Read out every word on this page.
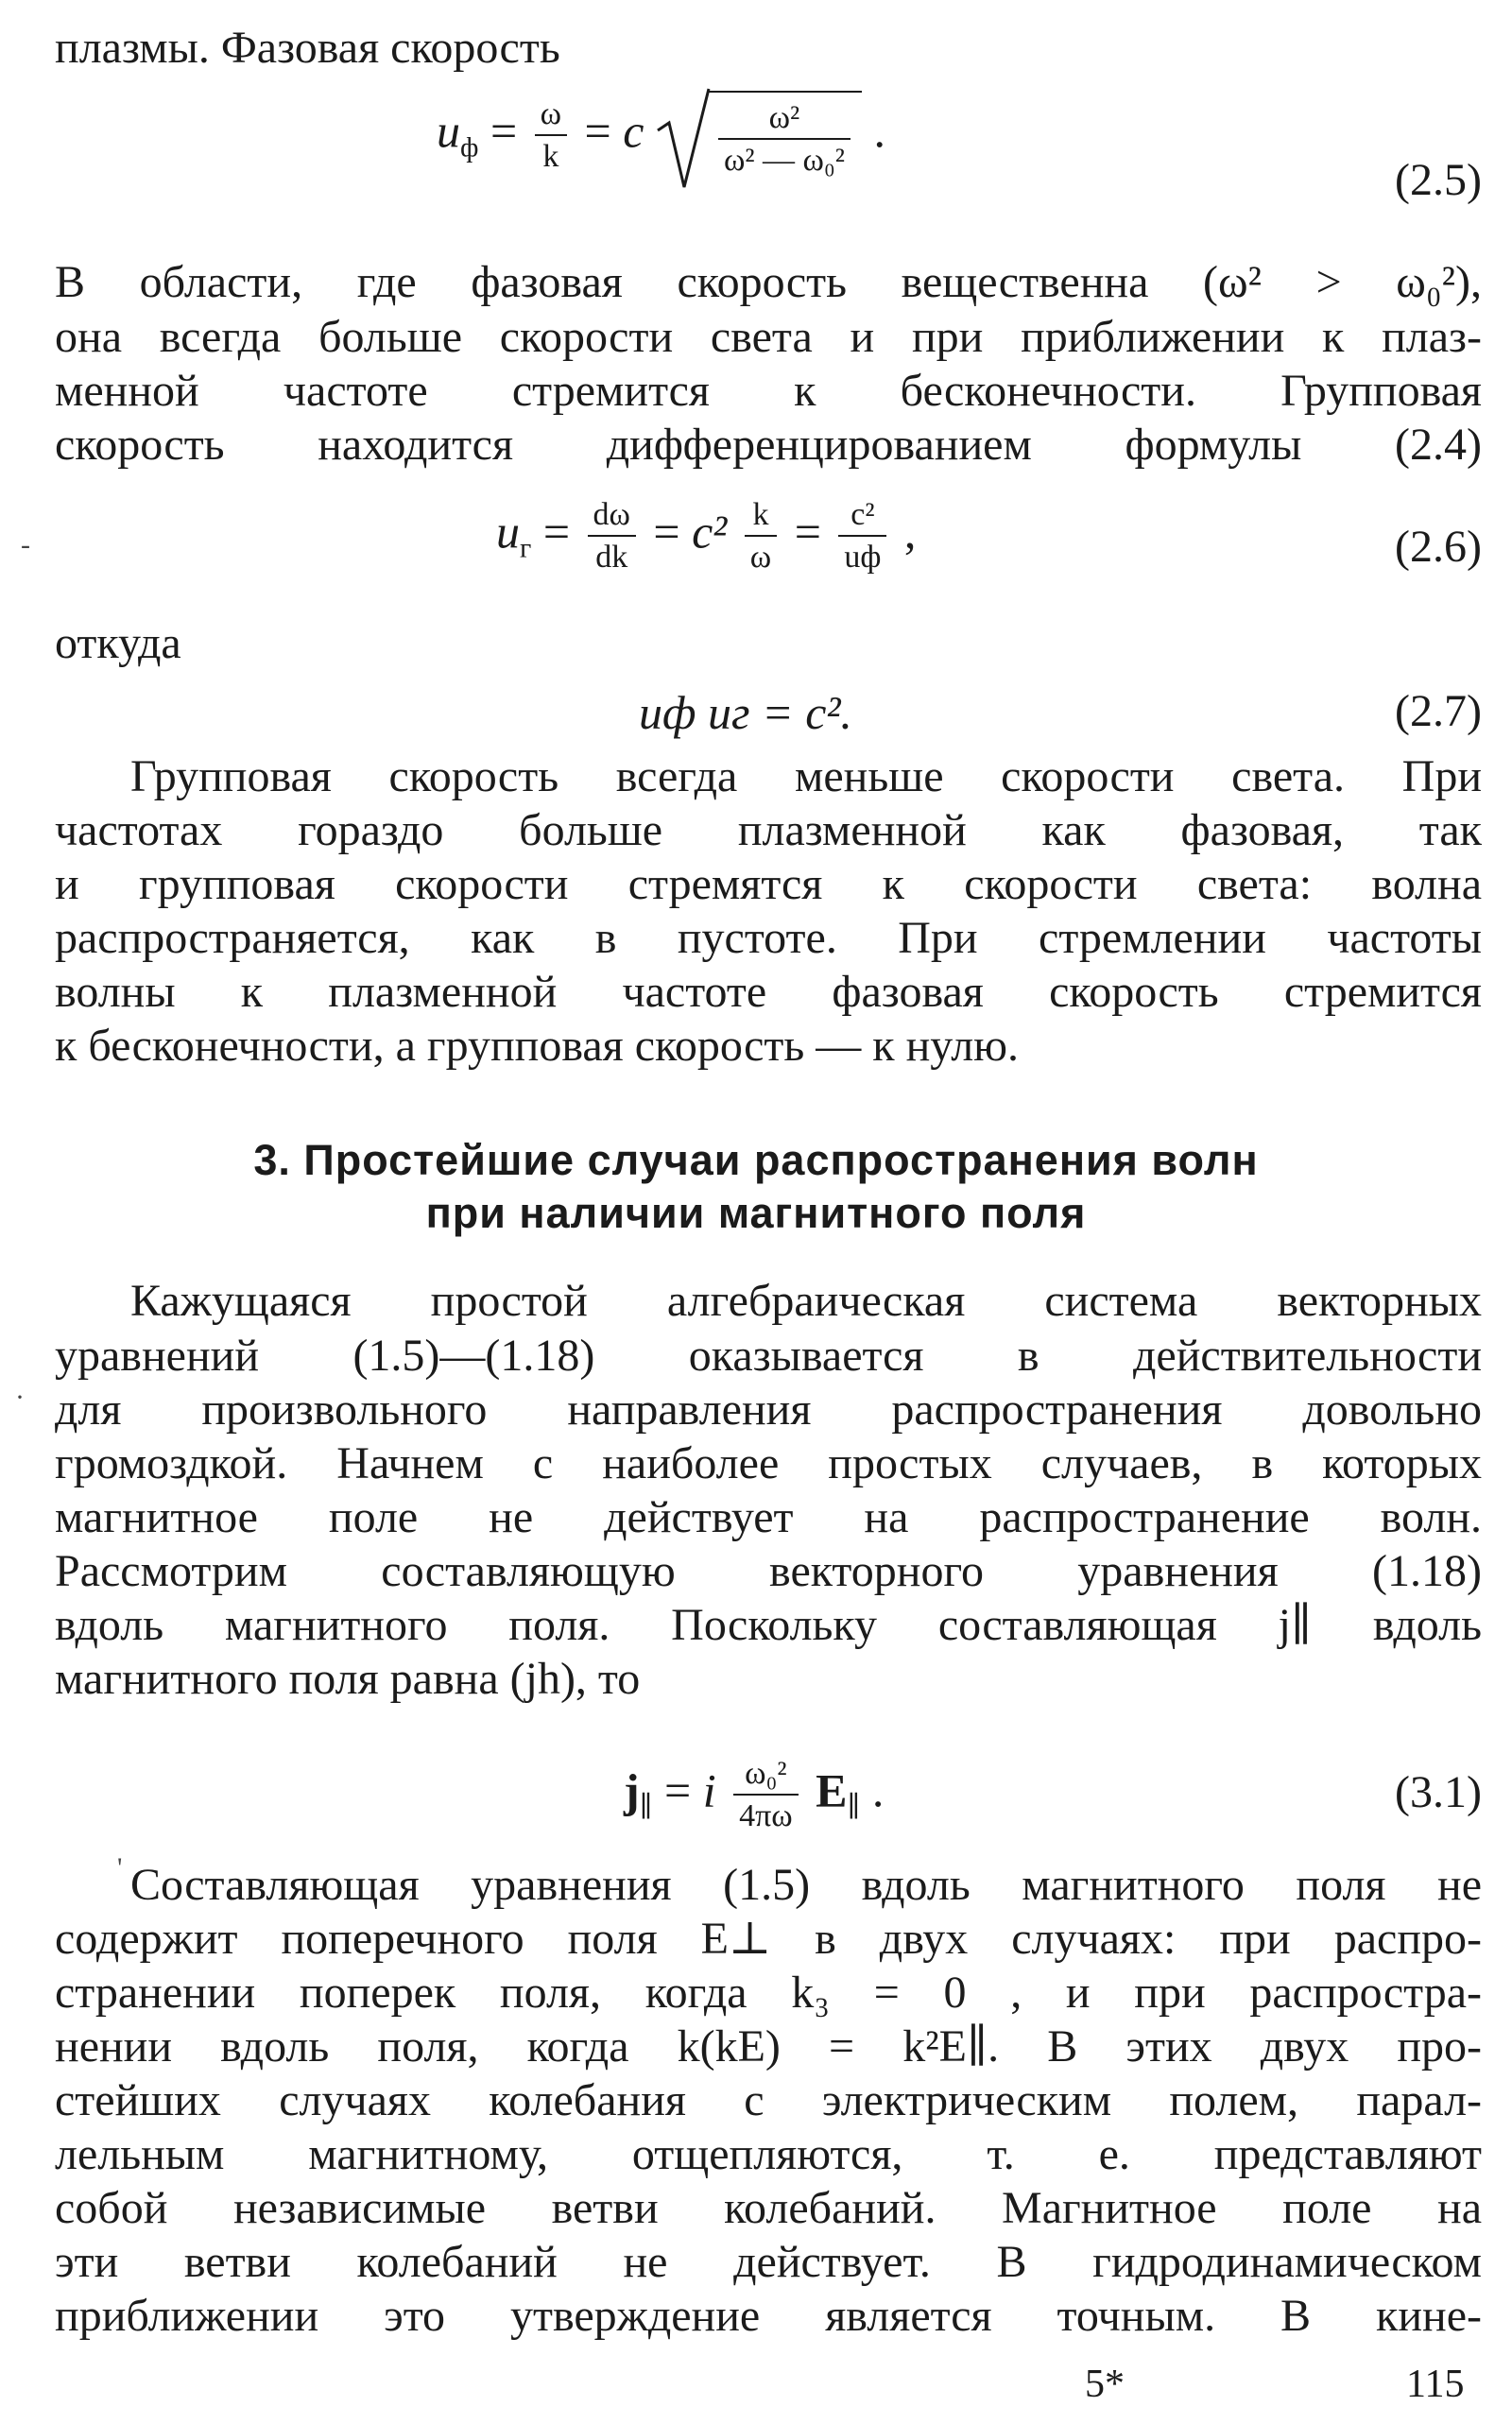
плазмы. Фазовая скорость
$u_ф = \frac{\omega}{k} = c \frac{\text{ω²}}{\text{ω² — ω₀²}}$ .
(2.5)
В области, где фазовая скорость вещественна (ω² > ω₀²),
она всегда больше скорости света и при приближении к плаз-
менной частоте стремится к бесконечности. Групповая
скорость находится дифференцированием формулы (2.4)
-	$u_г = \frac{d\omega}{dk} = c^2 \frac{k}{\omega} = \frac{\text{c²}}{uф}$ ,	(2.6)
откуда
uф uг = c².	(2.7)
Групповая скорость всегда меньше скорости света. При
частотах гораздо больше плазменной как фазовая, так
и групповая скорости стремятся к скорости света: волна
распространяется, как в пустоте. При стремлении частоты
волны к плазменной частоте фазовая скорость стремится
к бесконечности, а групповая скорость — к нулю.
3. Простейшие случаи распространения волн
при наличии магнитного поля
Кажущаяся простой алгебраическая система векторных
уравнений (1.5)—(1.18) оказывается в действительности
· для произвольного направления распространения довольно
громоздкой. Начнем с наиболее простых случаев, в которых
магнитное поле не действует на распространение волн.
Рассмотрим составляющую векторного уравнения (1.18)
вдоль магнитного поля. Поскольку составляющая j∥ вдоль
магнитного поля равна (jh), то
$j_\parallel = i \frac{\text{ω₀²}}{4\pi\omega} E_\parallel$ .	(3.1)
' Составляющая уравнения (1.5) вдоль магнитного поля не
содержит поперечного поля E⊥ в двух случаях: при распро-
странении поперек поля, когда k₃ = 0 , и при распростра-
нении вдоль поля, когда k(kE) = k²E∥. В этих двух про-
стейших случаях колебания с электрическим полем, парал-
лельным магнитному, отщепляются, т. е. представляют
собой независимые ветви колебаний. Магнитное поле на
эти ветви колебаний не действует. В гидродинамическом
приближении это утверждение является точным. В кине-
5*	115
